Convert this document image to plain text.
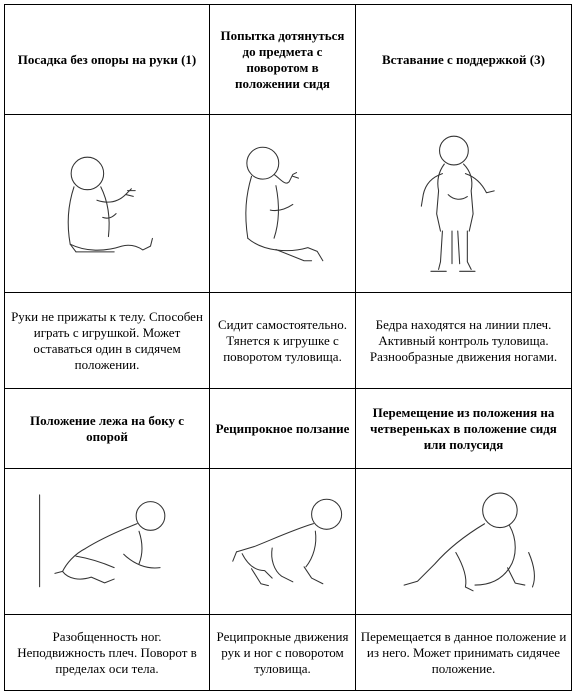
Посадка без опоры на руки (1)	Попытка дотянуться до предмета с поворотом в положении сидя	Вставание с поддержкой (3)

Руки не прижаты к телу. Способен играть с игрушкой. Может оставаться один в сидячем положении.	Сидит самостоятельно. Тянется к игрушке с поворотом туловища.	Бедра находятся на линии плеч. Активный контроль туловища. Разнообразные движения ногами.
Положение лежа на боку с опорой	Реципрокное ползание	Перемещение из положения на четвереньках в положение сидя или полусидя

Разобщенность ног. Неподвижность плеч. Поворот в пределах оси тела.	Реципрокные движения рук и ног с поворотом туловища.	Перемещается в данное положение и из него. Может принимать сидячее положение.
